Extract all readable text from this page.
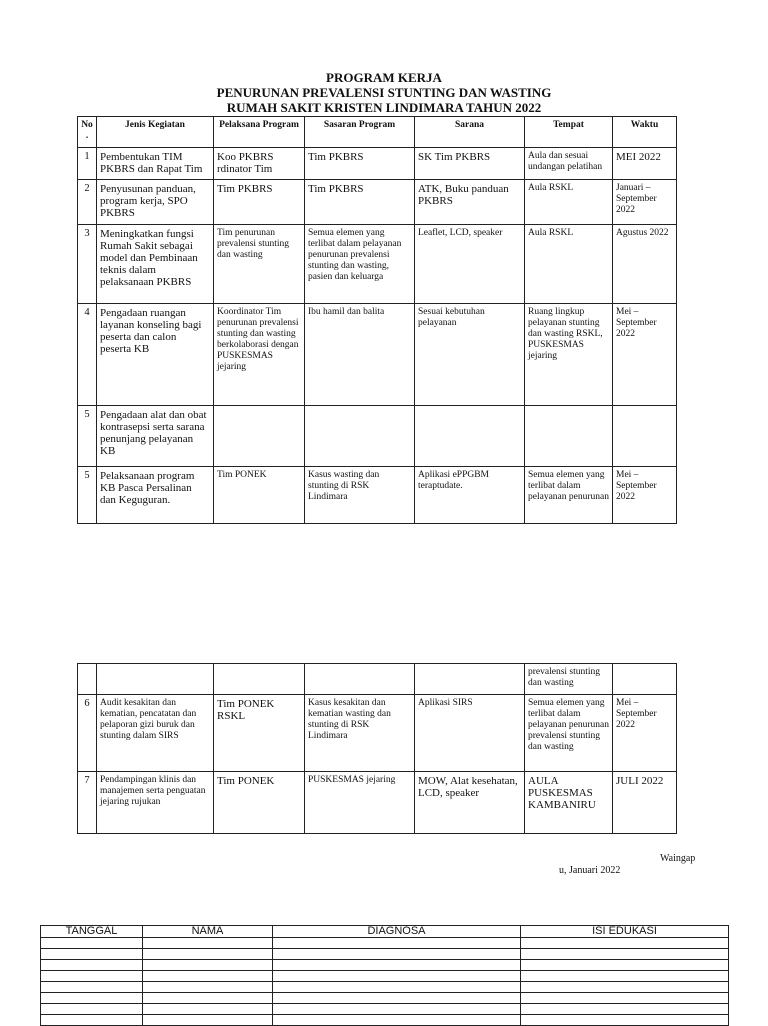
PROGRAM KERJA
PENURUNAN PREVALENSI STUNTING DAN WASTING
RUMAH SAKIT KRISTEN LINDIMARA TAHUN 2022
No .	Jenis Kegiatan	Pelaksana Program	Sasaran Program	Sarana	Tempat	Waktu
1	Pembentukan TIM PKBRS dan Rapat Tim	Koo PKBRS rdinator Tim	Tim PKBRS	SK Tim PKBRS	Aula dan sesuai undangan pelatihan	MEI 2022
2	Penyusunan panduan, program kerja, SPO PKBRS	Tim PKBRS	Tim PKBRS	ATK, Buku panduan PKBRS	Aula RSKL	Januari – September 2022
3	Meningkatkan fungsi Rumah Sakit sebagai model dan Pembinaan teknis dalam pelaksanaan PKBRS	Tim penurunan prevalensi stunting dan wasting	Semua elemen yang terlibat dalam pelayanan penurunan prevalensi stunting dan wasting, pasien dan keluarga	Leaflet, LCD, speaker	Aula RSKL	Agustus 2022
4	Pengadaan ruangan layanan konseling bagi peserta dan calon peserta KB	Koordinator Tim penurunan prevalensi stunting dan wasting berkolaborasi dengan PUSKESMAS jejaring	Ibu hamil dan balita	Sesuai kebutuhan pelayanan	Ruang lingkup pelayanan stunting dan wasting RSKL, PUSKESMAS jejaring	Mei – September 2022
5	Pengadaan alat dan obat kontrasepsi serta sarana penunjang pelayanan KB					
5	Pelaksanaan program KB Pasca Persalinan dan Keguguran.	Tim PONEK	Kasus wasting dan stunting di RSK Lindimara	Aplikasi ePPGBM teraptudate.	Semua elemen yang terlibat dalam pelayanan penurunan	Mei – September 2022
					prevalensi stunting dan wasting	
6	Audit kesakitan dan kematian, pencatatan dan pelaporan gizi buruk dan stunting dalam SIRS	Tim PONEK RSKL	Kasus kesakitan dan kematian wasting dan stunting di RSK Lindimara	Aplikasi SIRS	Semua elemen yang terlibat dalam pelayanan penurunan prevalensi stunting dan wasting	Mei – September 2022
7	Pendampingan klinis dan manajemen serta penguatan jejaring rujukan	Tim PONEK	PUSKESMAS jejaring	MOW, Alat kesehatan, LCD, speaker	AULA PUSKESMAS KAMBANIRU	JULI 2022
Waingap
u, Januari 2022
TANGGAL	NAMA	DIAGNOSA	ISI EDUKASI
